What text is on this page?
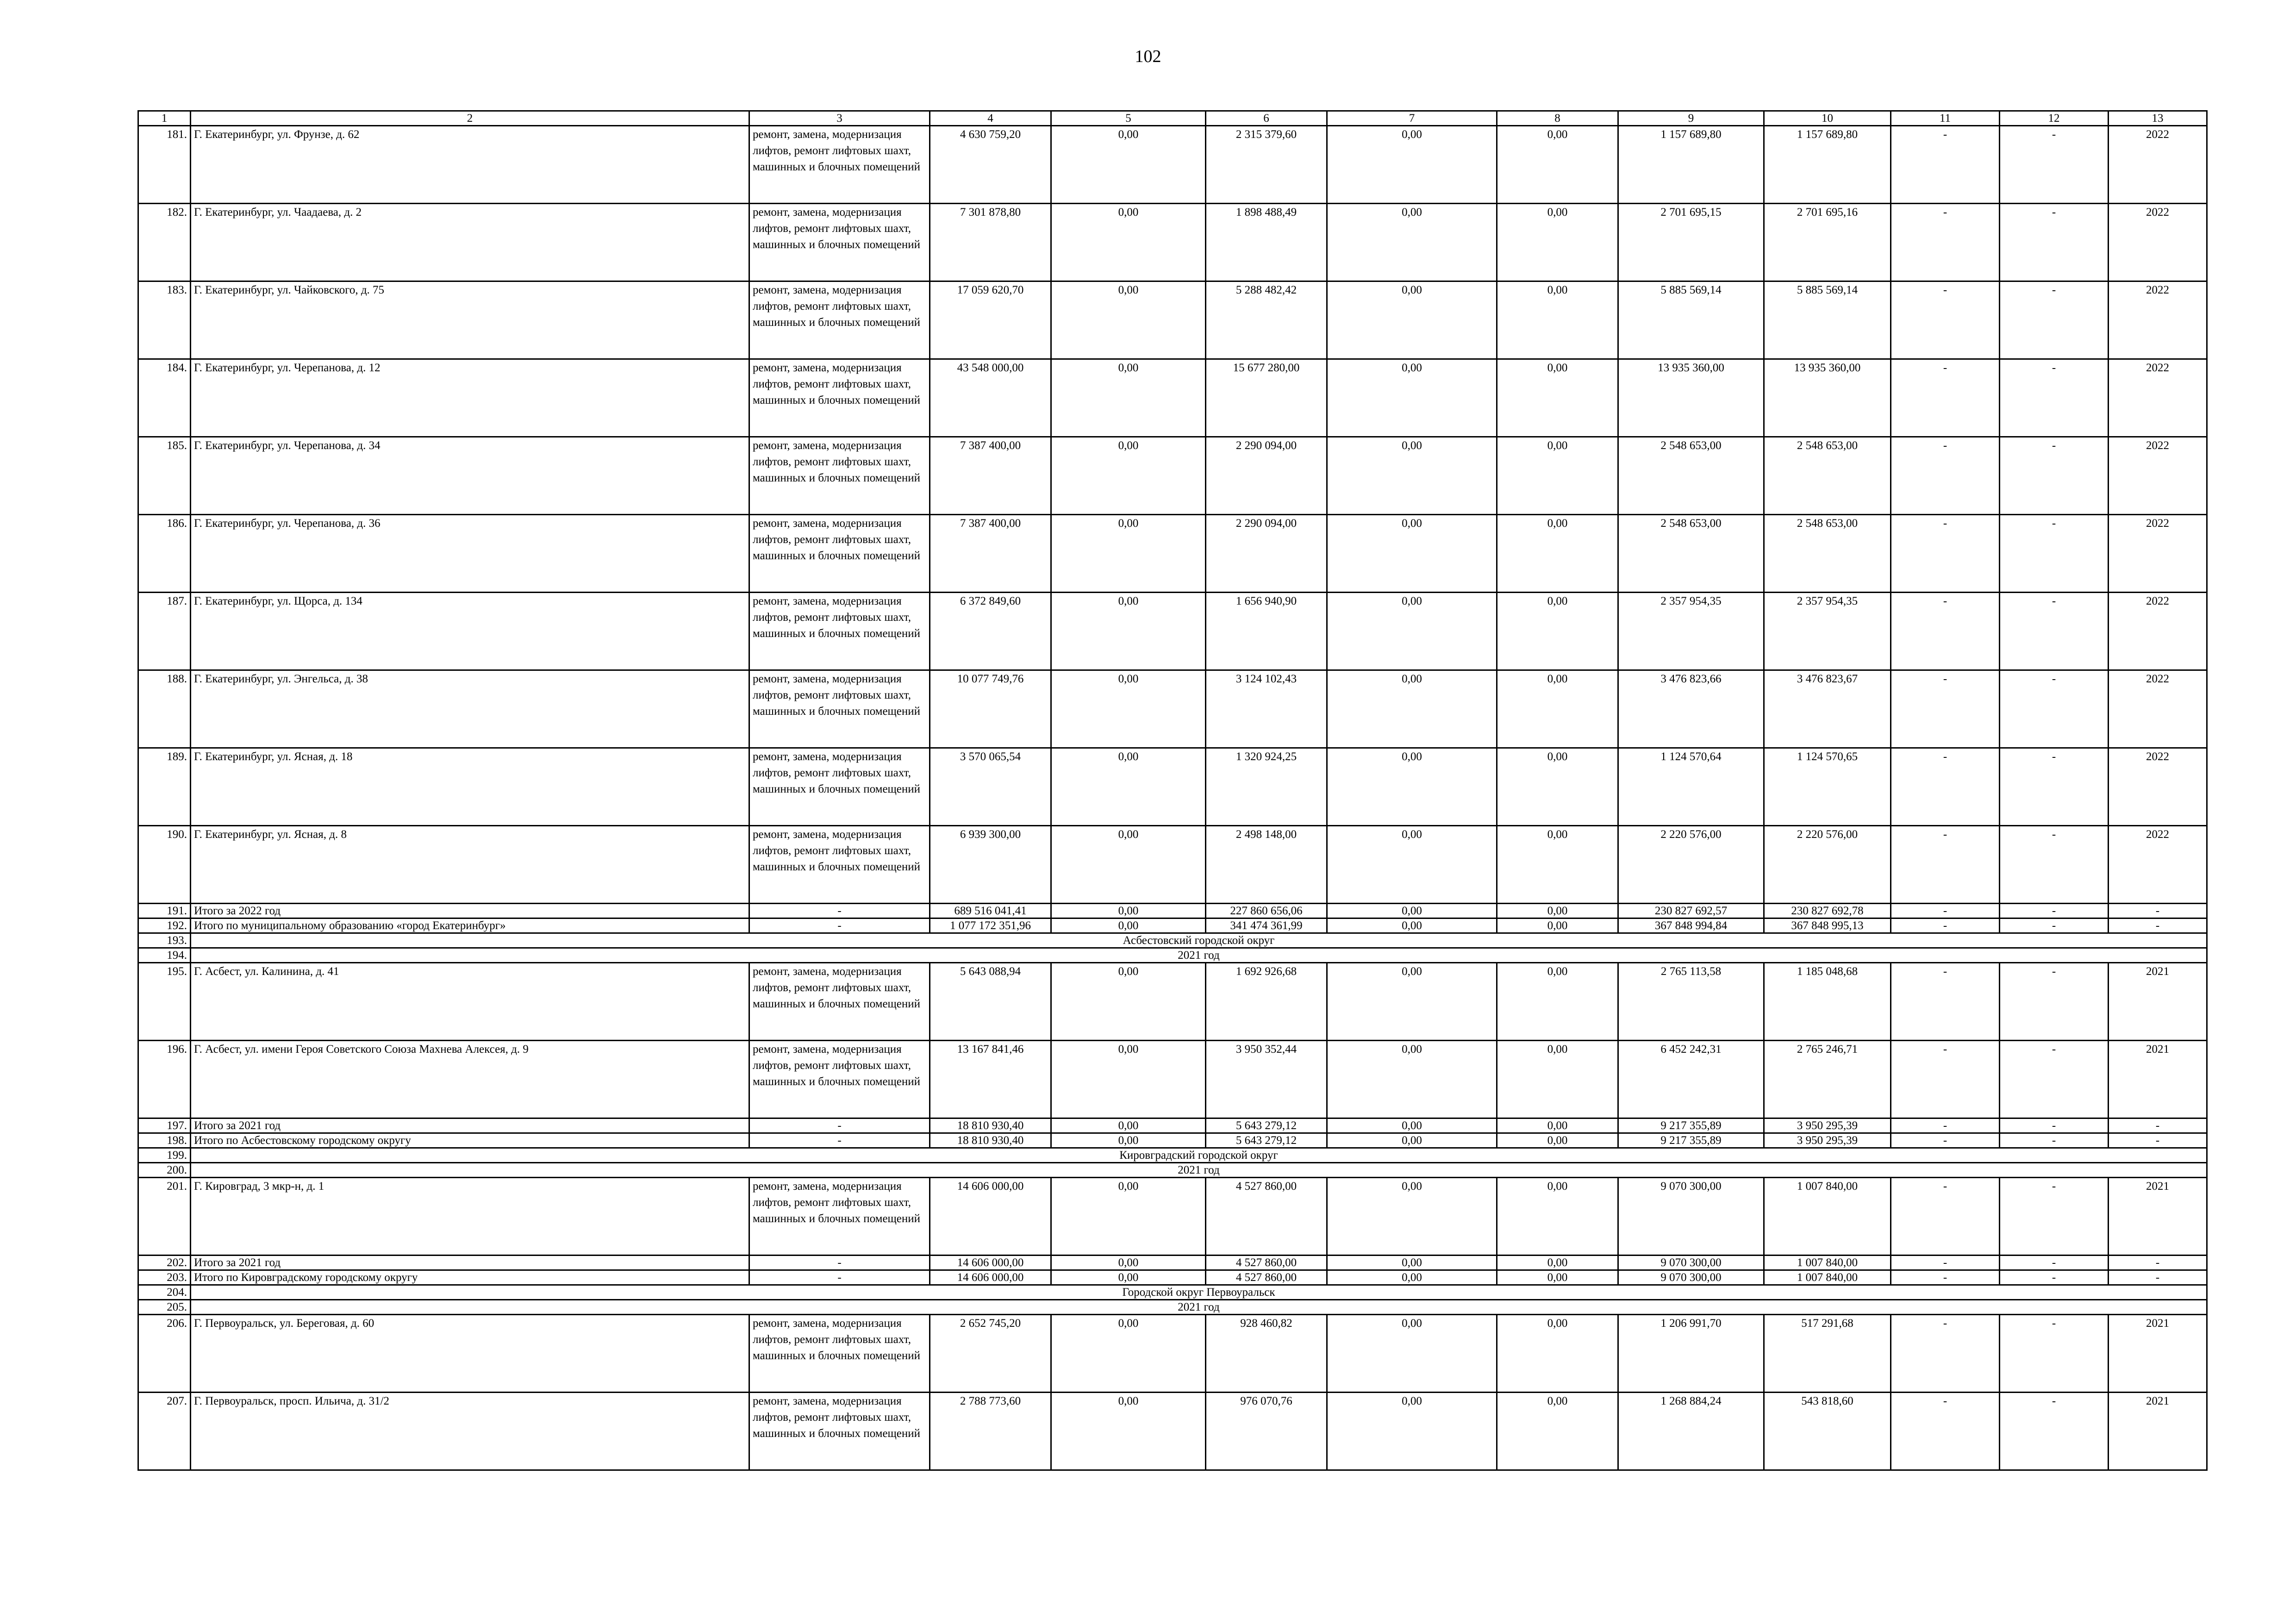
102
1	2	3	4	5	6	7	8	9	10	11	12	13
181.	Г. Екатеринбург, ул. Фрунзе, д. 62	ремонт, замена, модернизация лифтов, ремонт лифтовых шахт, машинных и блочных помещений	4 630 759,20	0,00	2 315 379,60	0,00	0,00	1 157 689,80	1 157 689,80	-	-	2022
182.	Г. Екатеринбург, ул. Чаадаева, д. 2	ремонт, замена, модернизация лифтов, ремонт лифтовых шахт, машинных и блочных помещений	7 301 878,80	0,00	1 898 488,49	0,00	0,00	2 701 695,15	2 701 695,16	-	-	2022
183.	Г. Екатеринбург, ул. Чайковского, д. 75	ремонт, замена, модернизация лифтов, ремонт лифтовых шахт, машинных и блочных помещений	17 059 620,70	0,00	5 288 482,42	0,00	0,00	5 885 569,14	5 885 569,14	-	-	2022
184.	Г. Екатеринбург, ул. Черепанова, д. 12	ремонт, замена, модернизация лифтов, ремонт лифтовых шахт, машинных и блочных помещений	43 548 000,00	0,00	15 677 280,00	0,00	0,00	13 935 360,00	13 935 360,00	-	-	2022
185.	Г. Екатеринбург, ул. Черепанова, д. 34	ремонт, замена, модернизация лифтов, ремонт лифтовых шахт, машинных и блочных помещений	7 387 400,00	0,00	2 290 094,00	0,00	0,00	2 548 653,00	2 548 653,00	-	-	2022
186.	Г. Екатеринбург, ул. Черепанова, д. 36	ремонт, замена, модернизация лифтов, ремонт лифтовых шахт, машинных и блочных помещений	7 387 400,00	0,00	2 290 094,00	0,00	0,00	2 548 653,00	2 548 653,00	-	-	2022
187.	Г. Екатеринбург, ул. Щорса, д. 134	ремонт, замена, модернизация лифтов, ремонт лифтовых шахт, машинных и блочных помещений	6 372 849,60	0,00	1 656 940,90	0,00	0,00	2 357 954,35	2 357 954,35	-	-	2022
188.	Г. Екатеринбург, ул. Энгельса, д. 38	ремонт, замена, модернизация лифтов, ремонт лифтовых шахт, машинных и блочных помещений	10 077 749,76	0,00	3 124 102,43	0,00	0,00	3 476 823,66	3 476 823,67	-	-	2022
189.	Г. Екатеринбург, ул. Ясная, д. 18	ремонт, замена, модернизация лифтов, ремонт лифтовых шахт, машинных и блочных помещений	3 570 065,54	0,00	1 320 924,25	0,00	0,00	1 124 570,64	1 124 570,65	-	-	2022
190.	Г. Екатеринбург, ул. Ясная, д. 8	ремонт, замена, модернизация лифтов, ремонт лифтовых шахт, машинных и блочных помещений	6 939 300,00	0,00	2 498 148,00	0,00	0,00	2 220 576,00	2 220 576,00	-	-	2022
191.	Итого за 2022 год	-	689 516 041,41	0,00	227 860 656,06	0,00	0,00	230 827 692,57	230 827 692,78	-	-	-
192.	Итого по муниципальному образованию «город Екатеринбург»	-	1 077 172 351,96	0,00	341 474 361,99	0,00	0,00	367 848 994,84	367 848 995,13	-	-	-
193.	Асбестовский городской округ											
194.	2021 год											
195.	Г. Асбест, ул. Калинина, д. 41	ремонт, замена, модернизация лифтов, ремонт лифтовых шахт, машинных и блочных помещений	5 643 088,94	0,00	1 692 926,68	0,00	0,00	2 765 113,58	1 185 048,68	-	-	2021
196.	Г. Асбест, ул. имени Героя Советского Союза Махнева Алексея, д. 9	ремонт, замена, модернизация лифтов, ремонт лифтовых шахт, машинных и блочных помещений	13 167 841,46	0,00	3 950 352,44	0,00	0,00	6 452 242,31	2 765 246,71	-	-	2021
197.	Итого за 2021 год	-	18 810 930,40	0,00	5 643 279,12	0,00	0,00	9 217 355,89	3 950 295,39	-	-	-
198.	Итого по Асбестовскому городскому округу	-	18 810 930,40	0,00	5 643 279,12	0,00	0,00	9 217 355,89	3 950 295,39	-	-	-
199.	Кировградский городской округ											
200.	2021 год											
201.	Г. Кировград, 3 мкр-н, д. 1	ремонт, замена, модернизация лифтов, ремонт лифтовых шахт, машинных и блочных помещений	14 606 000,00	0,00	4 527 860,00	0,00	0,00	9 070 300,00	1 007 840,00	-	-	2021
202.	Итого за 2021 год	-	14 606 000,00	0,00	4 527 860,00	0,00	0,00	9 070 300,00	1 007 840,00	-	-	-
203.	Итого по Кировградскому городскому округу	-	14 606 000,00	0,00	4 527 860,00	0,00	0,00	9 070 300,00	1 007 840,00	-	-	-
204.	Городской округ Первоуральск											
205.	2021 год											
206.	Г. Первоуральск, ул. Береговая, д. 60	ремонт, замена, модернизация лифтов, ремонт лифтовых шахт, машинных и блочных помещений	2 652 745,20	0,00	928 460,82	0,00	0,00	1 206 991,70	517 291,68	-	-	2021
207.	Г. Первоуральск, просп. Ильича, д. 31/2	ремонт, замена, модернизация лифтов, ремонт лифтовых шахт, машинных и блочных помещений	2 788 773,60	0,00	976 070,76	0,00	0,00	1 268 884,24	543 818,60	-	-	2021
